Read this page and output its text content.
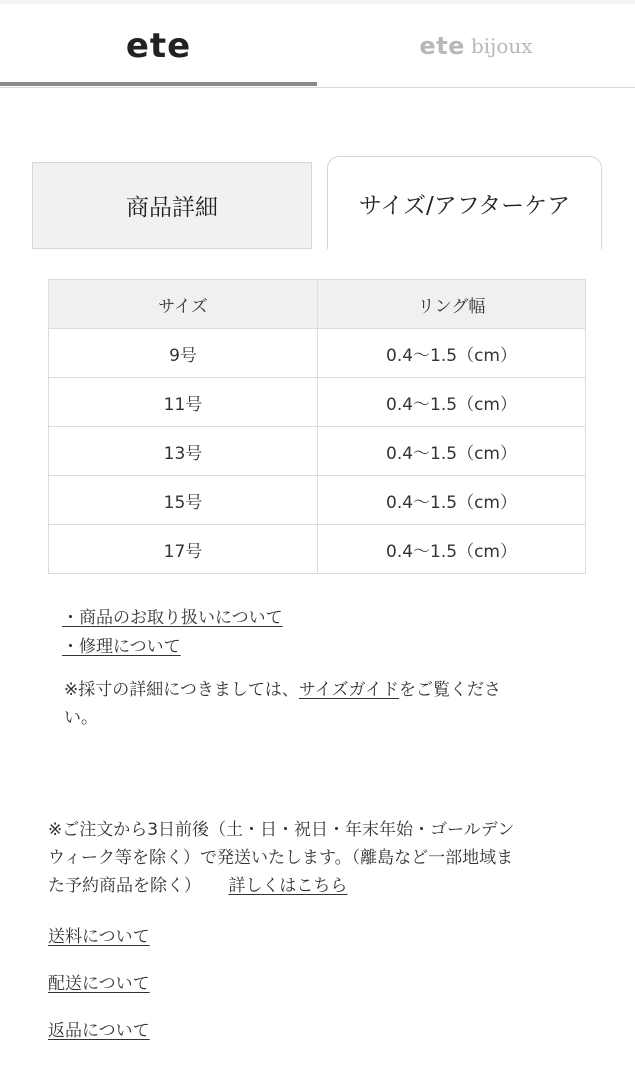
ete	ete bijoux
商品詳細	サイズ/アフターケア
サイズ	リング幅
9号	0.4〜1.5（cm）
11号	0.4〜1.5（cm）
13号	0.4〜1.5（cm）
15号	0.4〜1.5（cm）
17号	0.4〜1.5（cm）
・商品のお取り扱いについて
・修理について
※採寸の詳細につきましては、サイズガイドをご覧くださ
い。
※ご注文から3日前後（土・日・祝日・年末年始・ゴールデン
ウィーク等を除く）で発送いたします。（離島など一部地域ま
た予約商品を除く） 詳しくはこちら
送料について
配送について
返品について
